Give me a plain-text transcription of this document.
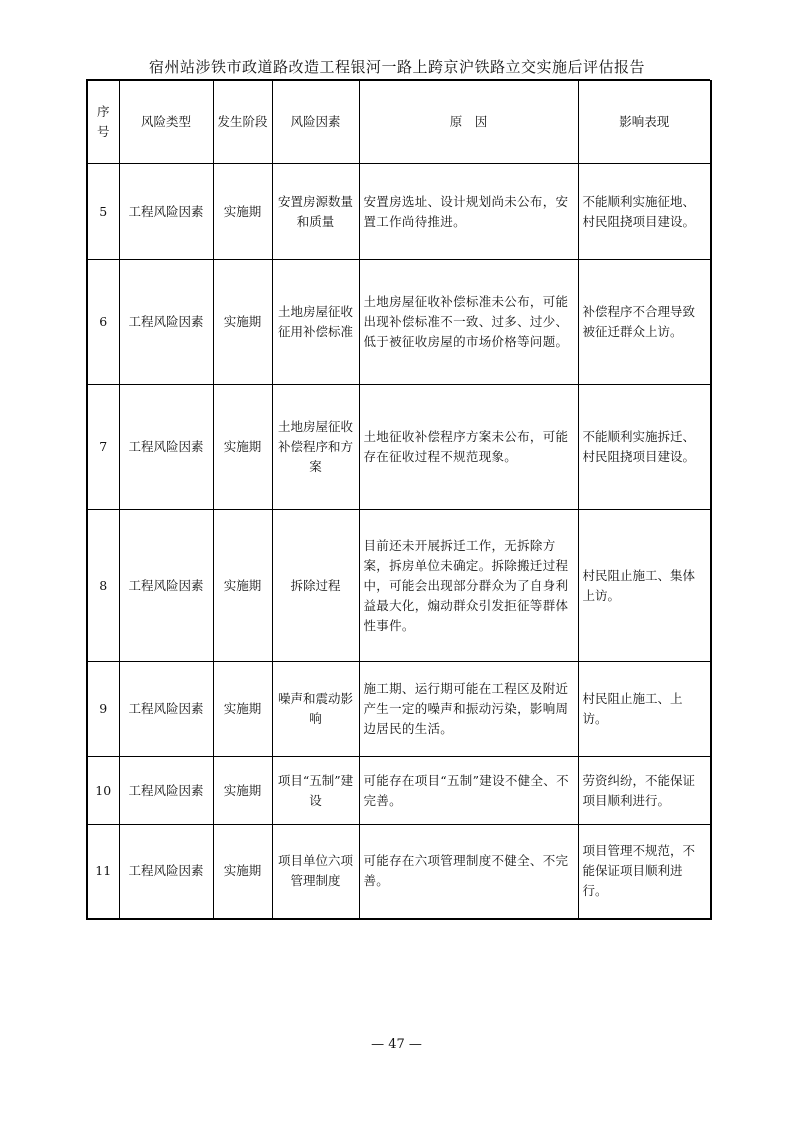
宿州站涉铁市政道路改造工程银河一路上跨京沪铁路立交实施后评估报告
序号	风险类型	发生阶段	风险因素	原　因	影响表现
5	工程风险因素	实施期	安置房源数量和质量	安置房选址、设计规划尚未公布，安置工作尚待推进。	不能顺利实施征地、村民阻挠项目建设。
6	工程风险因素	实施期	土地房屋征收征用补偿标准	土地房屋征收补偿标准未公布，可能出现补偿标准不一致、过多、过少、低于被征收房屋的市场价格等问题。	补偿程序不合理导致被征迁群众上访。
7	工程风险因素	实施期	土地房屋征收补偿程序和方案	土地征收补偿程序方案未公布，可能存在征收过程不规范现象。	不能顺利实施拆迁、村民阻挠项目建设。
8	工程风险因素	实施期	拆除过程	目前还未开展拆迁工作，无拆除方案，拆房单位未确定。拆除搬迁过程中，可能会出现部分群众为了自身利益最大化，煽动群众引发拒征等群体性事件。	村民阻止施工、集体上访。
9	工程风险因素	实施期	噪声和震动影响	施工期、运行期可能在工程区及附近产生一定的噪声和振动污染，影响周边居民的生活。	村民阻止施工、上访。
10	工程风险因素	实施期	项目“五制”建设	可能存在项目“五制”建设不健全、不完善。	劳资纠纷，不能保证项目顺利进行。
11	工程风险因素	实施期	项目单位六项管理制度	可能存在六项管理制度不健全、不完善。	项目管理不规范，不能保证项目顺利进行。
— 47 —
